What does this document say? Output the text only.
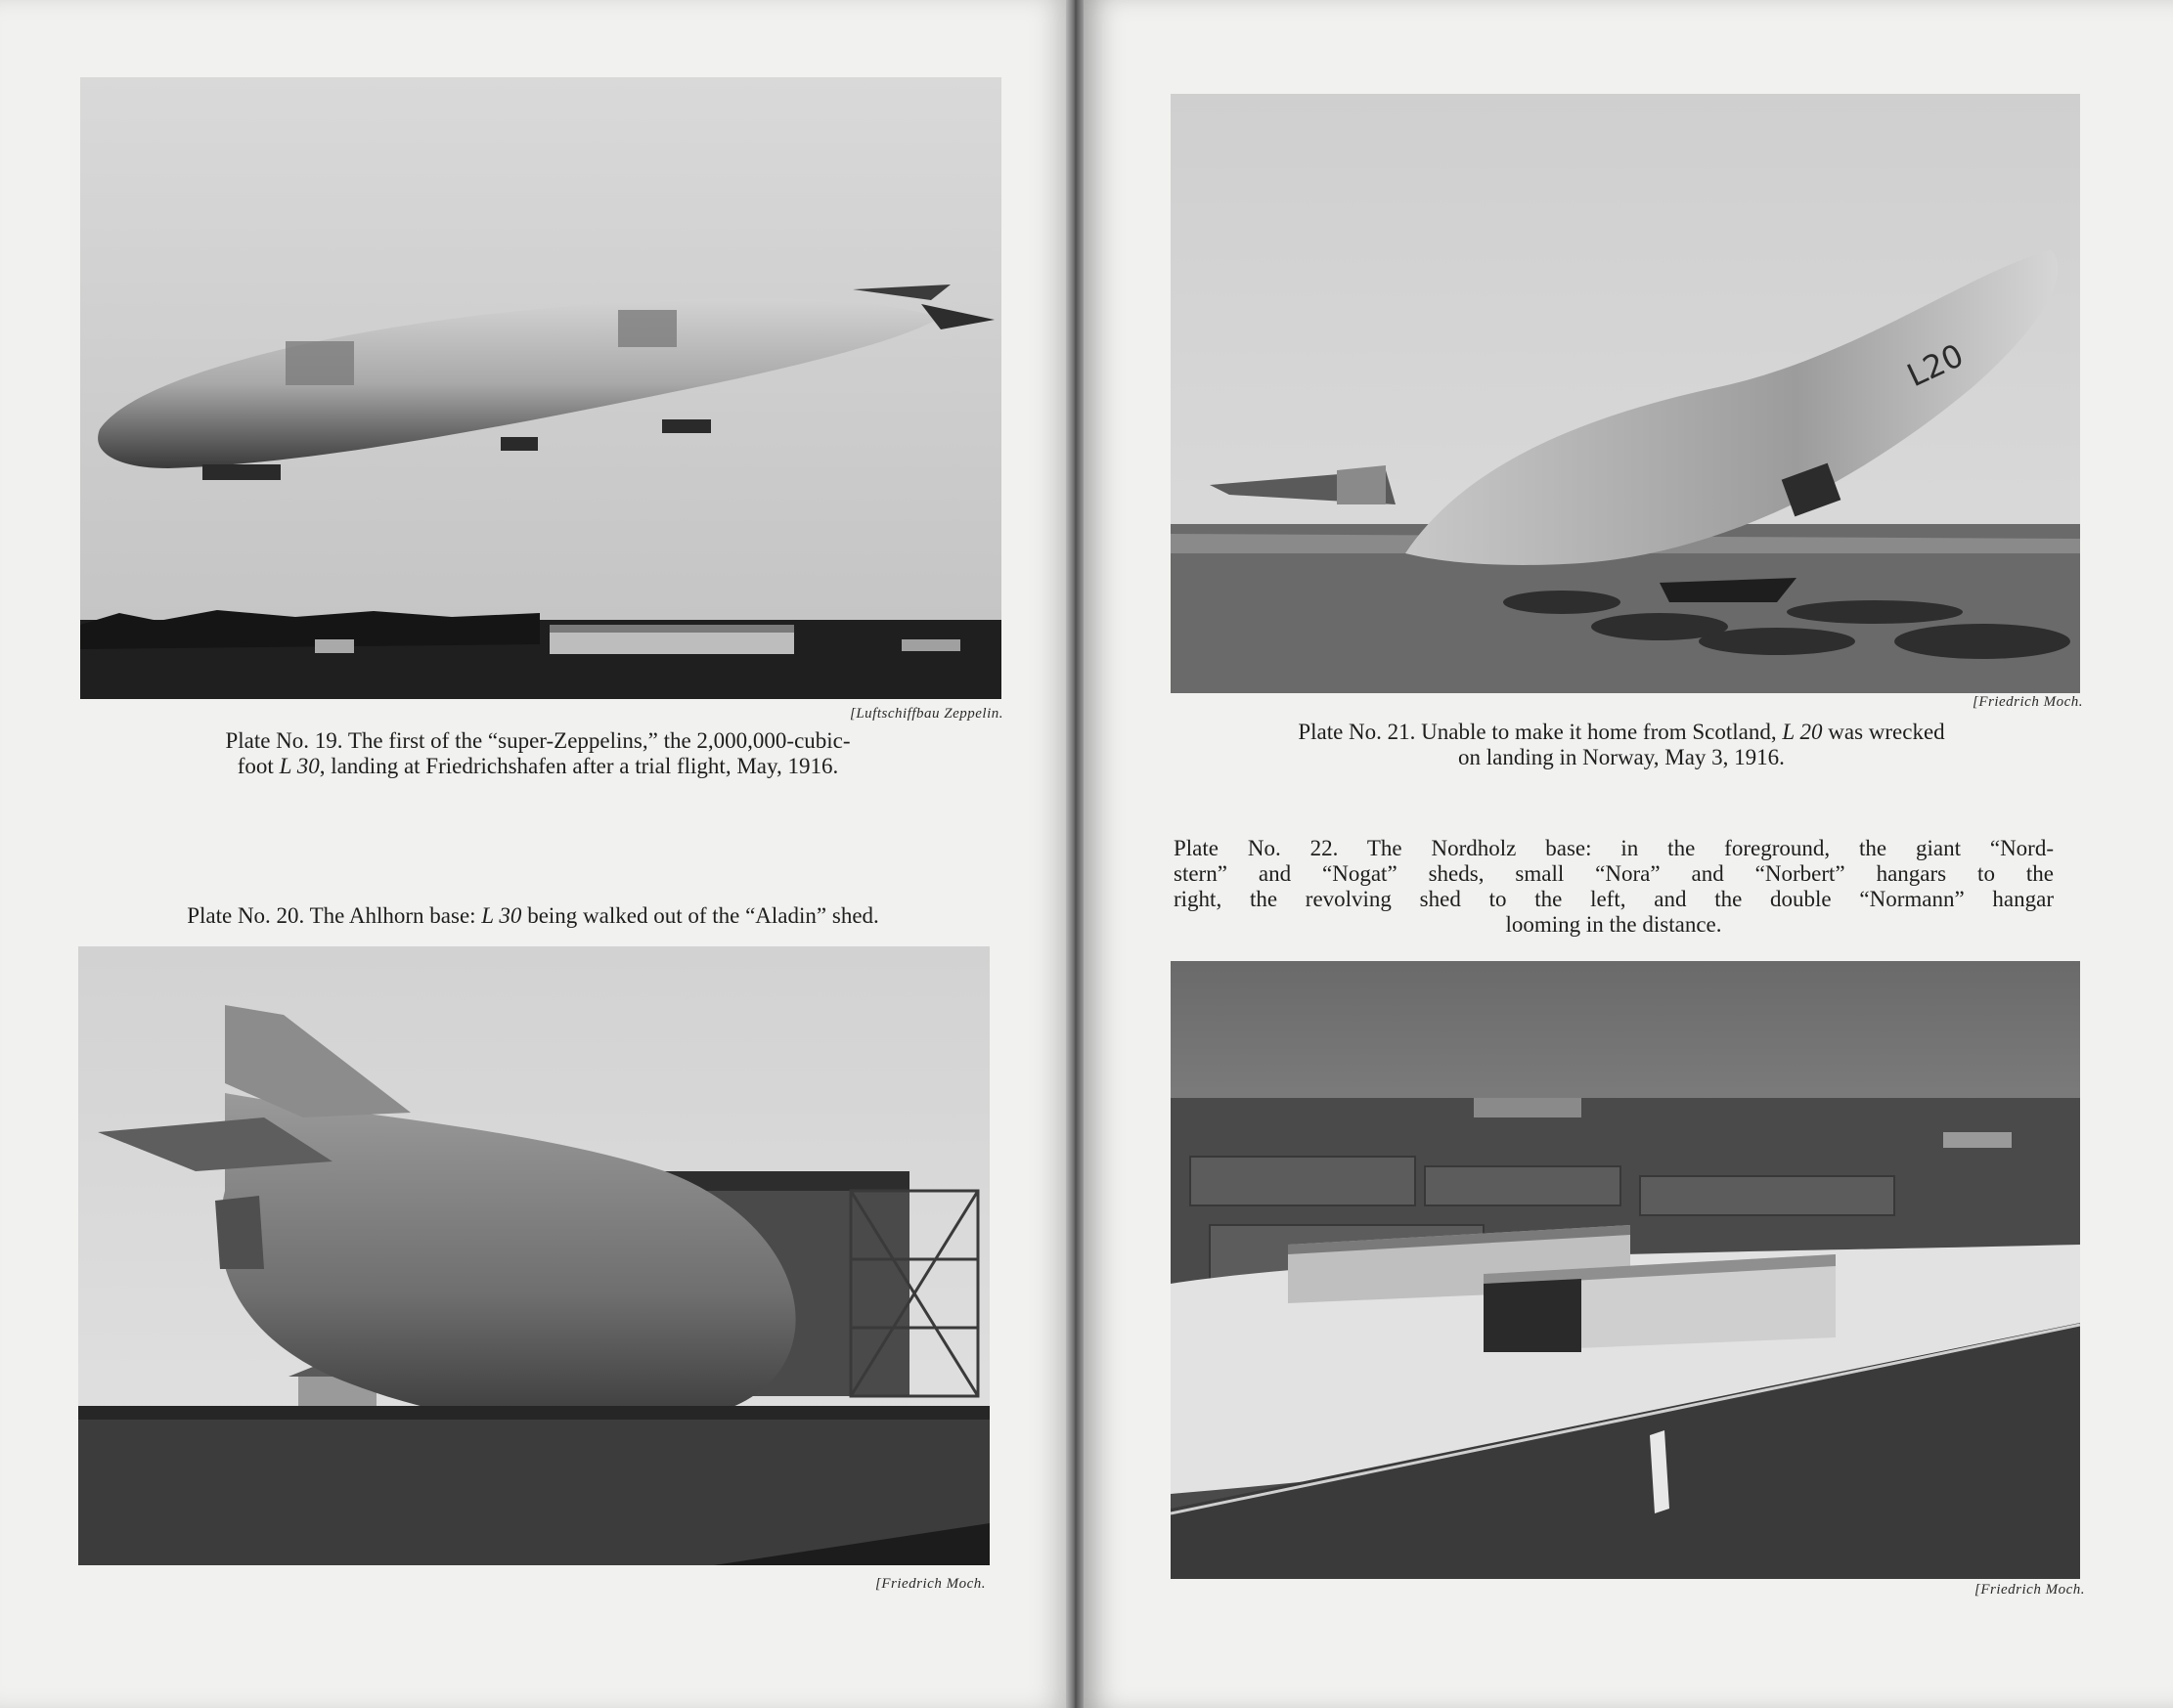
[Luftschiffbau Zeppelin.
Plate No. 19. The first of the “super-Zeppelins,” the 2,000,000-cubic-
foot L 30, landing at Friedrichshafen after a trial flight, May, 1916.
Plate No. 20. The Ahlhorn base: L 30 being walked out of the “Aladin” shed.
[Friedrich Moch.
L20
[Friedrich Moch.
Plate No. 21. Unable to make it home from Scotland, L 20 was wrecked
on landing in Norway, May 3, 1916.
Plate No. 22. The Nordholz base: in the foreground, the giant “Nord-
stern” and “Nogat” sheds, small “Nora” and “Norbert” hangars to the
right, the revolving shed to the left, and the double “Normann” hangar
looming in the distance.
[Friedrich Moch.
